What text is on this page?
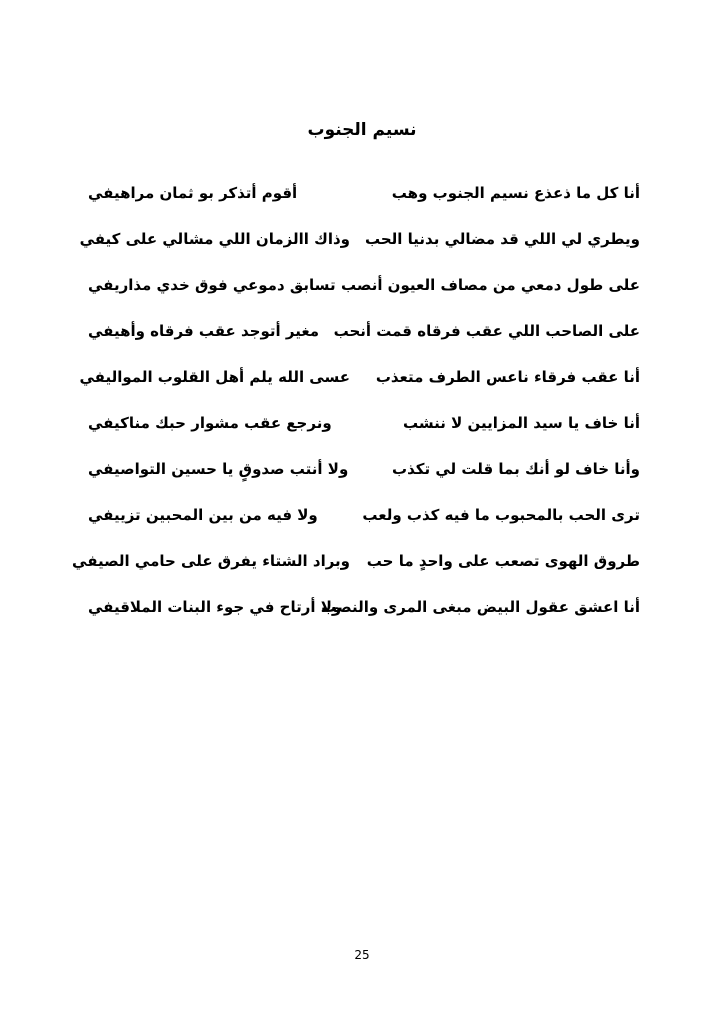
نسيم الجنوب
أنا كل ما ذعذع نسيم الجنوب وهب
أقوم أتذكر بو ثمان مراهيفي
ويطري لي اللي قد مضالي بدنيا الحب
وذاك االزمان اللي مشالي على كيفي
على طول دمعي من مصاف العيون أنصب
تسابق دموعي فوق خدي مذاريفي
على الصاحب اللي عقب فرقاه قمت أنحب
مغير أتوجد عقب فرقاه وأهيفي
أنا عقب فرقاء ناعس الطرف متعذب
عسى الله يلم أهل القلوب المواليفي
أنا خاف يا سيد المزايين لا ننشب
ونرجع عقب مشوار حبك مناكيفي
وأنا خاف لو أنك بما قلت لي تكذب
ولا أنتب صدوقٍ يا حسين التواصيفي
ترى الحب بالمحبوب ما فيه كذب ولعب
ولا فيه من بين المحبين تزييفي
طروق الهوى تصعب على واحدٍ ما حب
وبراد الشتاء يفرق على حامي الصيفي
أنا اعشق عقول البيض مبغى المرى والنصب
ولا أرتاح في جوء البنات الملاقيفي

25
